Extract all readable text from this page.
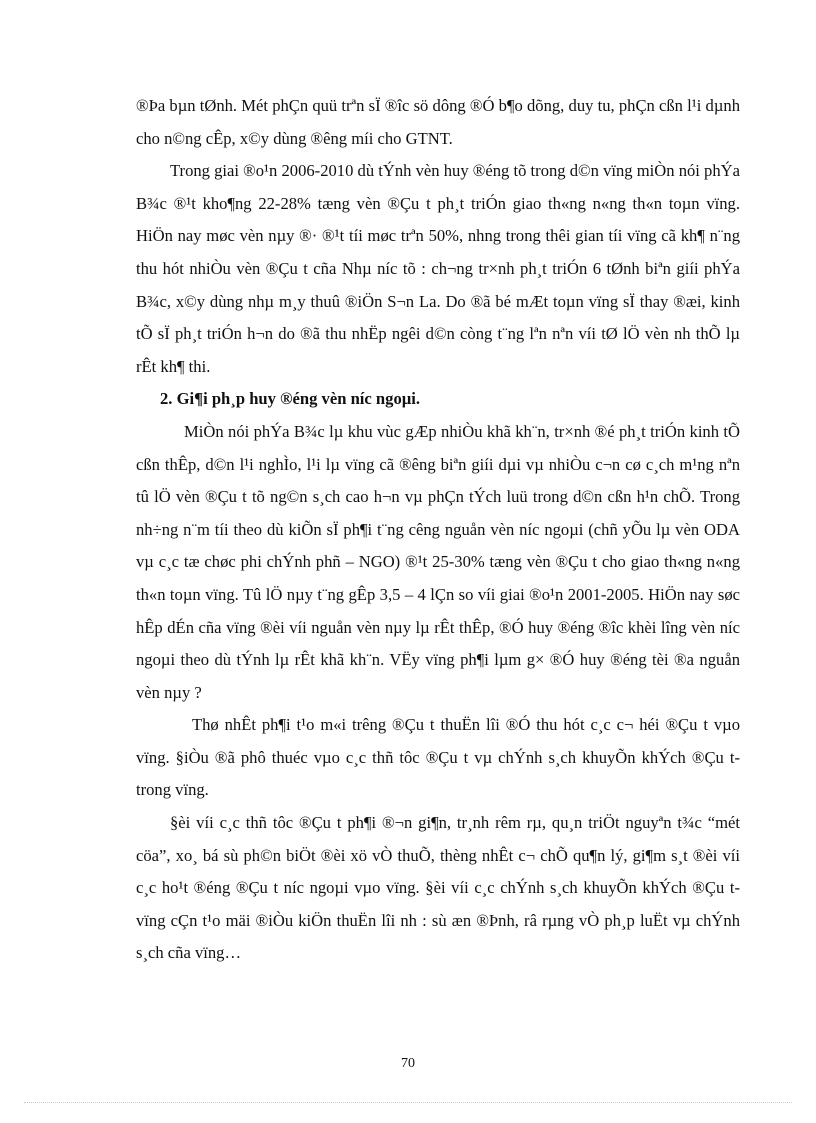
®Þa bµn tØnh. Mét phÇn quü trªn sÏ ®îc sö dông ®Ó b¶o dõng, duy tu, phÇn cßn l¹i dµnh cho n©ng cÊp, x©y dùng ®êng míi cho GTNT.

Trong giai ®o¹n 2006-2010 dù tÝnh vèn huy ®éng tõ trong d©n vïng miÒn nói phÝa B¾c ®¹t kho¶ng 22-28% tæng vèn ®Çu t ph¸t triÓn giao th«ng n«ng th«n toµn vïng. HiÖn nay møc vèn nµy ®· ®¹t tíi møc trªn 50%, nhng trong thêi gian tíi vïng cã kh¶ n¨ng thu hót nhiÒu vèn ®Çu t cña Nhµ níc tõ : ch¬ng tr×nh ph¸t triÓn 6 tØnh biªn giíi phÝa B¾c, x©y dùng nhµ m¸y thuû ®iÖn S¬n La. Do ®ã bé mÆt toµn vïng sÏ thay ®æi, kinh tÕ sÏ ph¸t triÓn h¬n do ®ã thu nhËp ngêi d©n còng t¨ng lªn nªn víi tØ lÖ vèn nh thÕ lµ rÊt kh¶ thi.

2. Gi¶i ph¸p huy ®éng vèn níc ngoµi.

MiÒn nói phÝa B¾c lµ khu vùc gÆp nhiÒu khã kh¨n, tr×nh ®é ph¸t triÓn kinh tÕ cßn thÊp, d©n l¹i nghÌo, l¹i lµ vïng cã ®êng biªn giíi dµi vµ nhiÒu c¬n cø c¸ch m¹ng nªn tû lÖ vèn ®Çu t tõ ng©n s¸ch cao h¬n vµ phÇn tÝch luü trong d©n cßn h¹n chÕ. Trong nh÷ng n¨m tíi theo dù kiÕn sÏ ph¶i t¨ng cêng nguån vèn níc ngoµi (chñ yÕu lµ vèn ODA vµ c¸c tæ chøc phi chÝnh phñ – NGO) ®¹t 25-30% tæng vèn ®Çu t cho giao th«ng n«ng th«n toµn vïng. Tû lÖ nµy t¨ng gÊp 3,5 – 4 lÇn so víi giai ®o¹n 2001-2005. HiÖn nay søc hÊp dÉn cña vïng ®èi víi nguån vèn nµy lµ rÊt thÊp, ®Ó huy ®éng ®îc khèi lîng vèn níc ngoµi theo dù tÝnh lµ rÊt khã kh¨n. VËy vïng ph¶i lµm g× ®Ó huy ®éng tèi ®a nguån vèn nµy ?

Thø nhÊt ph¶i t¹o m«i trêng ®Çu t thuËn lîi ®Ó thu hót c¸c c¬ héi ®Çu t vµo vïng. §iÒu ®ã phô thuéc vµo c¸c thñ tôc ®Çu t vµ chÝnh s¸ch khuyÕn khÝch ®Çu t trong vïng.

§èi víi c¸c thñ tôc ®Çu t ph¶i ®¬n gi¶n, tr¸nh rêm rµ, qu¸n triÖt nguyªn t¾c “mét cöa”, xo¸ bá sù ph©n biÖt ®èi xö vÒ thuÕ, thèng nhÊt c¬ chÕ qu¶n lý, gi¶m s¸t ®èi víi c¸c ho¹t ®éng ®Çu t níc ngoµi vµo vïng. §èi víi c¸c chÝnh s¸ch khuyÕn khÝch ®Çu t vïng cÇn t¹o mäi ®iÒu kiÖn thuËn lîi nh : sù æn ®Þnh, râ rµng vÒ ph¸p luËt vµ chÝnh s¸ch cña vïng…

70
